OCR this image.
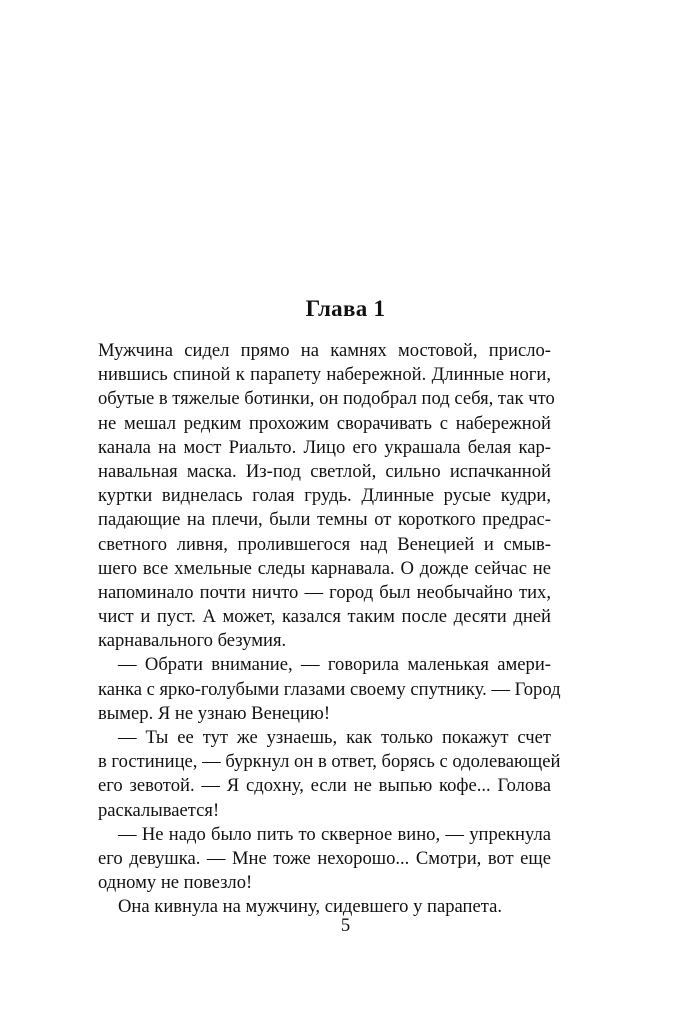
Глава 1
Мужчина сидел прямо на камнях мостовой, присло-
нившись спиной к парапету набережной. Длинные ноги,
обутые в тяжелые ботинки, он подобрал под себя, так что
не мешал редким прохожим сворачивать с набережной
канала на мост Риальто. Лицо его украшала белая кар-
навальная маска. Из-под светлой, сильно испачканной
куртки виднелась голая грудь. Длинные русые кудри,
падающие на плечи, были темны от короткого предрас-
светного ливня, пролившегося над Венецией и смыв-
шего все хмельные следы карнавала. О дожде сейчас не
напоминало почти ничто — город был необычайно тих,
чист и пуст. А может, казался таким после десяти дней
карнавального безумия.
— Обрати внимание, — говорила маленькая амери-
канка с ярко-голубыми глазами своему спутнику. — Город
вымер. Я не узнаю Венецию!
— Ты ее тут же узнаешь, как только покажут счет
в гостинице, — буркнул он в ответ, борясь с одолевающей
его зевотой. — Я сдохну, если не выпью кофе... Голова
раскалывается!
— Не надо было пить то скверное вино, — упрекнула
его девушка. — Мне тоже нехорошо... Смотри, вот еще
одному не повезло!
Она кивнула на мужчину, сидевшего у парапета.
5
